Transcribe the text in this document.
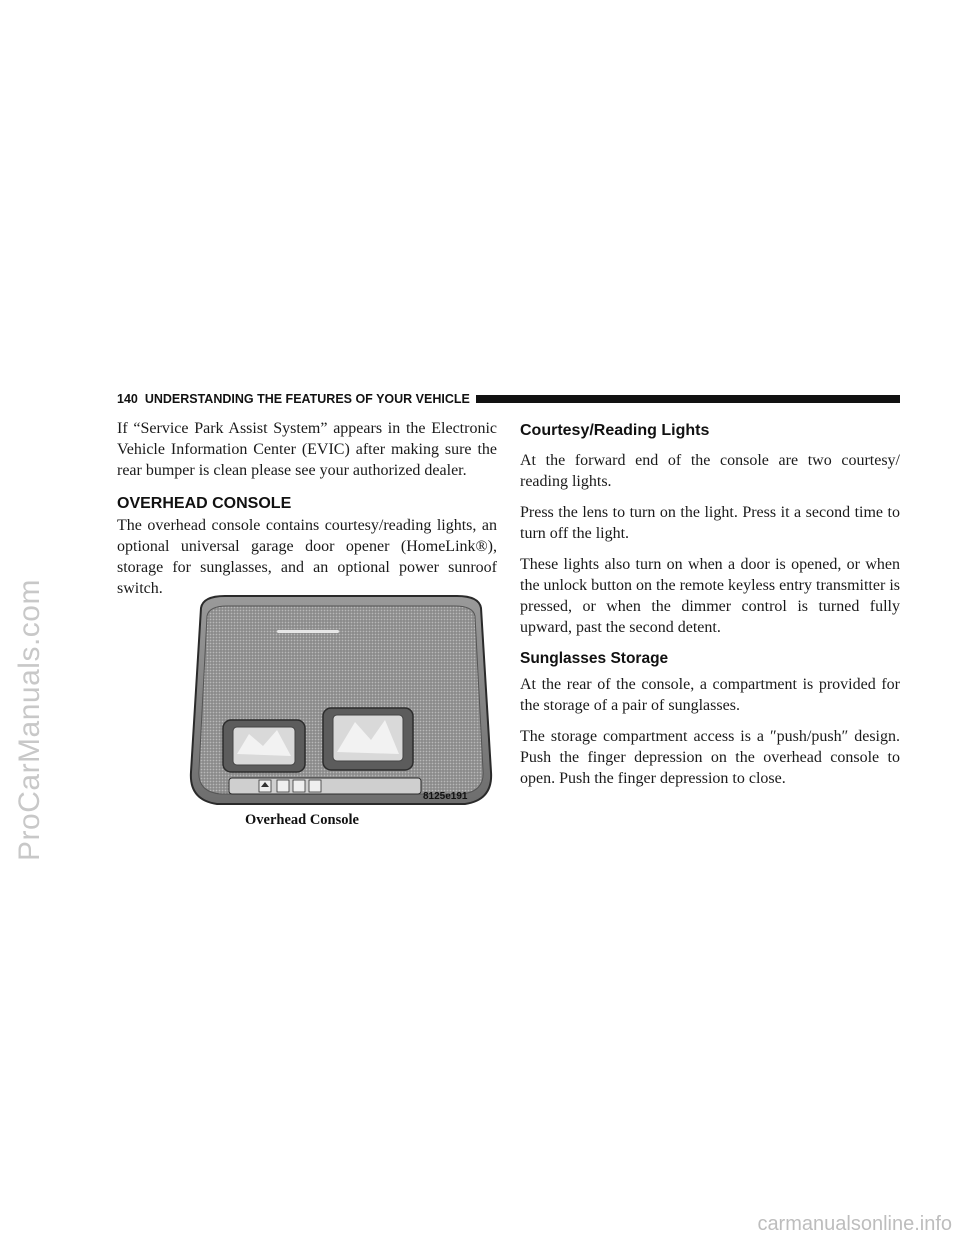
ProCarManuals.com
140 UNDERSTANDING THE FEATURES OF YOUR VEHICLE

If “Service Park Assist System” appears in the Electronic Vehicle Information Center (EVIC) after making sure the rear bumper is clean please see your authorized dealer.

OVERHEAD CONSOLE

The overhead console contains courtesy/reading lights, an optional universal garage door opener (HomeLink®), storage for sunglasses, and an optional power sunroof switch.

8125e191
Overhead Console
Courtesy/Reading Lights

At the forward end of the console are two courtesy/ reading lights.

Press the lens to turn on the light. Press it a second time to turn off the light.

These lights also turn on when a door is opened, or when the unlock button on the remote keyless entry transmitter is pressed, or when the dimmer control is turned fully upward, past the second detent.

Sunglasses Storage

At the rear of the console, a compartment is provided for the storage of a pair of sunglasses.

The storage compartment access is a ″push/push″ design. Push the finger depression on the overhead console to open. Push the finger depression to close.

carmanualsonline.info
